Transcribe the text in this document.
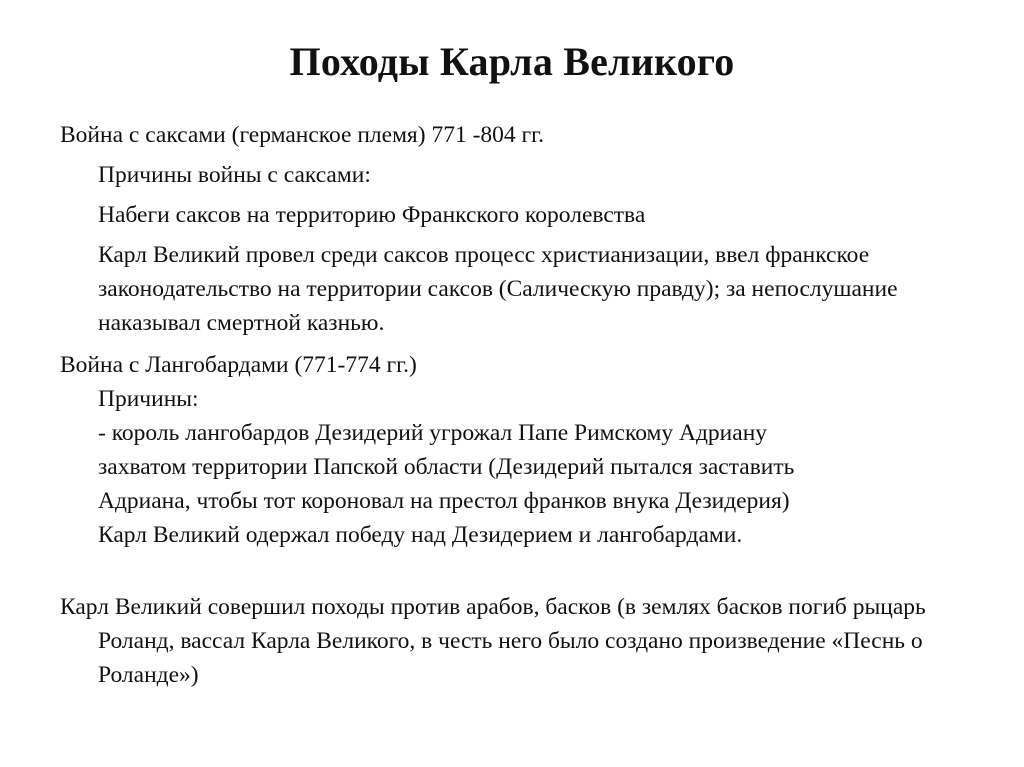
Походы Карла Великого

Война с саксами (германское племя) 771 -804 гг.

Причины войны с саксами:

Набеги саксов на территорию Франкского королевства

Карл Великий провел среди саксов процесс христианизации, ввел франкское законодательство на территории саксов (Салическую правду); за непослушание наказывал смертной казнью.

Война с Лангобардами (771-774 гг.)
Причины:
- король лангобардов Дезидерий угрожал Папе Римскому Адриану
захватом территории Папской области (Дезидерий пытался заставить
Адриана, чтобы тот короновал на престол франков внука Дезидерия)
Карл Великий одержал победу над Дезидерием и лангобардами.

Карл Великий совершил походы против арабов, басков (в землях басков погиб рыцарь Роланд, вассал Карла Великого, в честь него было создано произведение «Песнь о Роланде»)
